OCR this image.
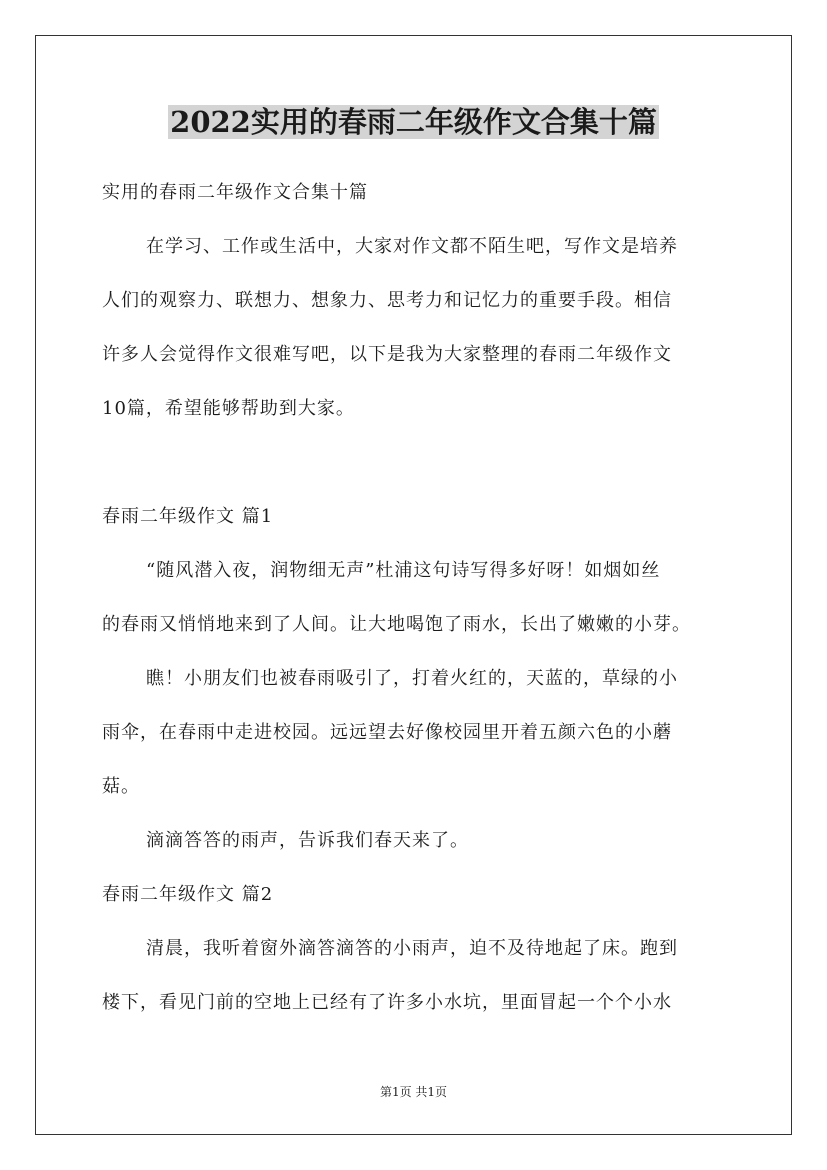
2022实用的春雨二年级作文合集十篇
实用的春雨二年级作文合集十篇
在学习、工作或生活中，大家对作文都不陌生吧，写作文是培养
人们的观察力、联想力、想象力、思考力和记忆力的重要手段。相信
许多人会觉得作文很难写吧，以下是我为大家整理的春雨二年级作文
10篇，希望能够帮助到大家。
春雨二年级作文 篇1
“随风潜入夜，润物细无声”杜浦这句诗写得多好呀！如烟如丝
的春雨又悄悄地来到了人间。让大地喝饱了雨水，长出了嫩嫩的小芽。
瞧！小朋友们也被春雨吸引了，打着火红的，天蓝的，草绿的小
雨伞，在春雨中走进校园。远远望去好像校园里开着五颜六色的小蘑
菇。
滴滴答答的雨声，告诉我们春天来了。
春雨二年级作文 篇2
清晨，我听着窗外滴答滴答的小雨声，迫不及待地起了床。跑到
楼下，看见门前的空地上已经有了许多小水坑，里面冒起一个个小水
第1页 共1页
